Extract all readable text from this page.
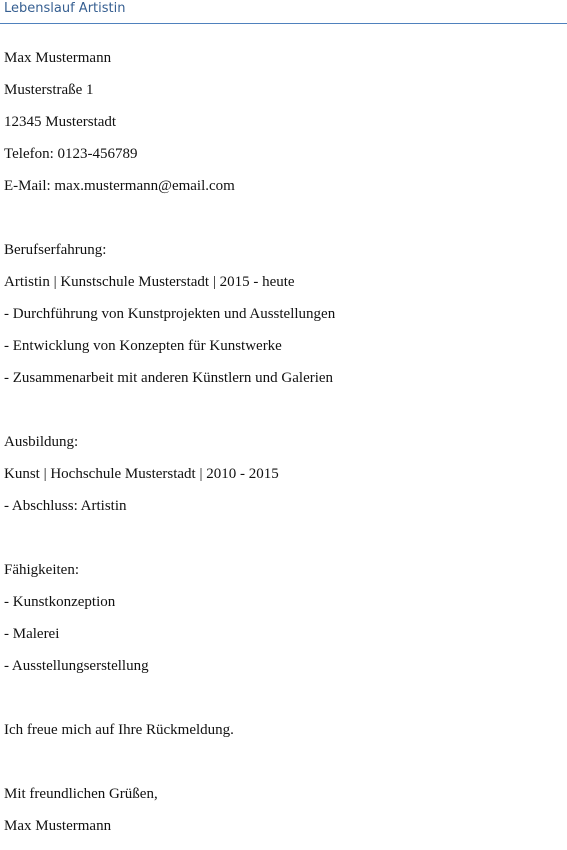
Lebenslauf Artistin
Max Mustermann
Musterstraße 1
12345 Musterstadt
Telefon: 0123-456789
E-Mail: max.mustermann@email.com
Berufserfahrung:
Artistin | Kunstschule Musterstadt | 2015 - heute
- Durchführung von Kunstprojekten und Ausstellungen
- Entwicklung von Konzepten für Kunstwerke
- Zusammenarbeit mit anderen Künstlern und Galerien
Ausbildung:
Kunst | Hochschule Musterstadt | 2010 - 2015
- Abschluss: Artistin
Fähigkeiten:
- Kunstkonzeption
- Malerei
- Ausstellungserstellung
Ich freue mich auf Ihre Rückmeldung.
Mit freundlichen Grüßen,
Max Mustermann
